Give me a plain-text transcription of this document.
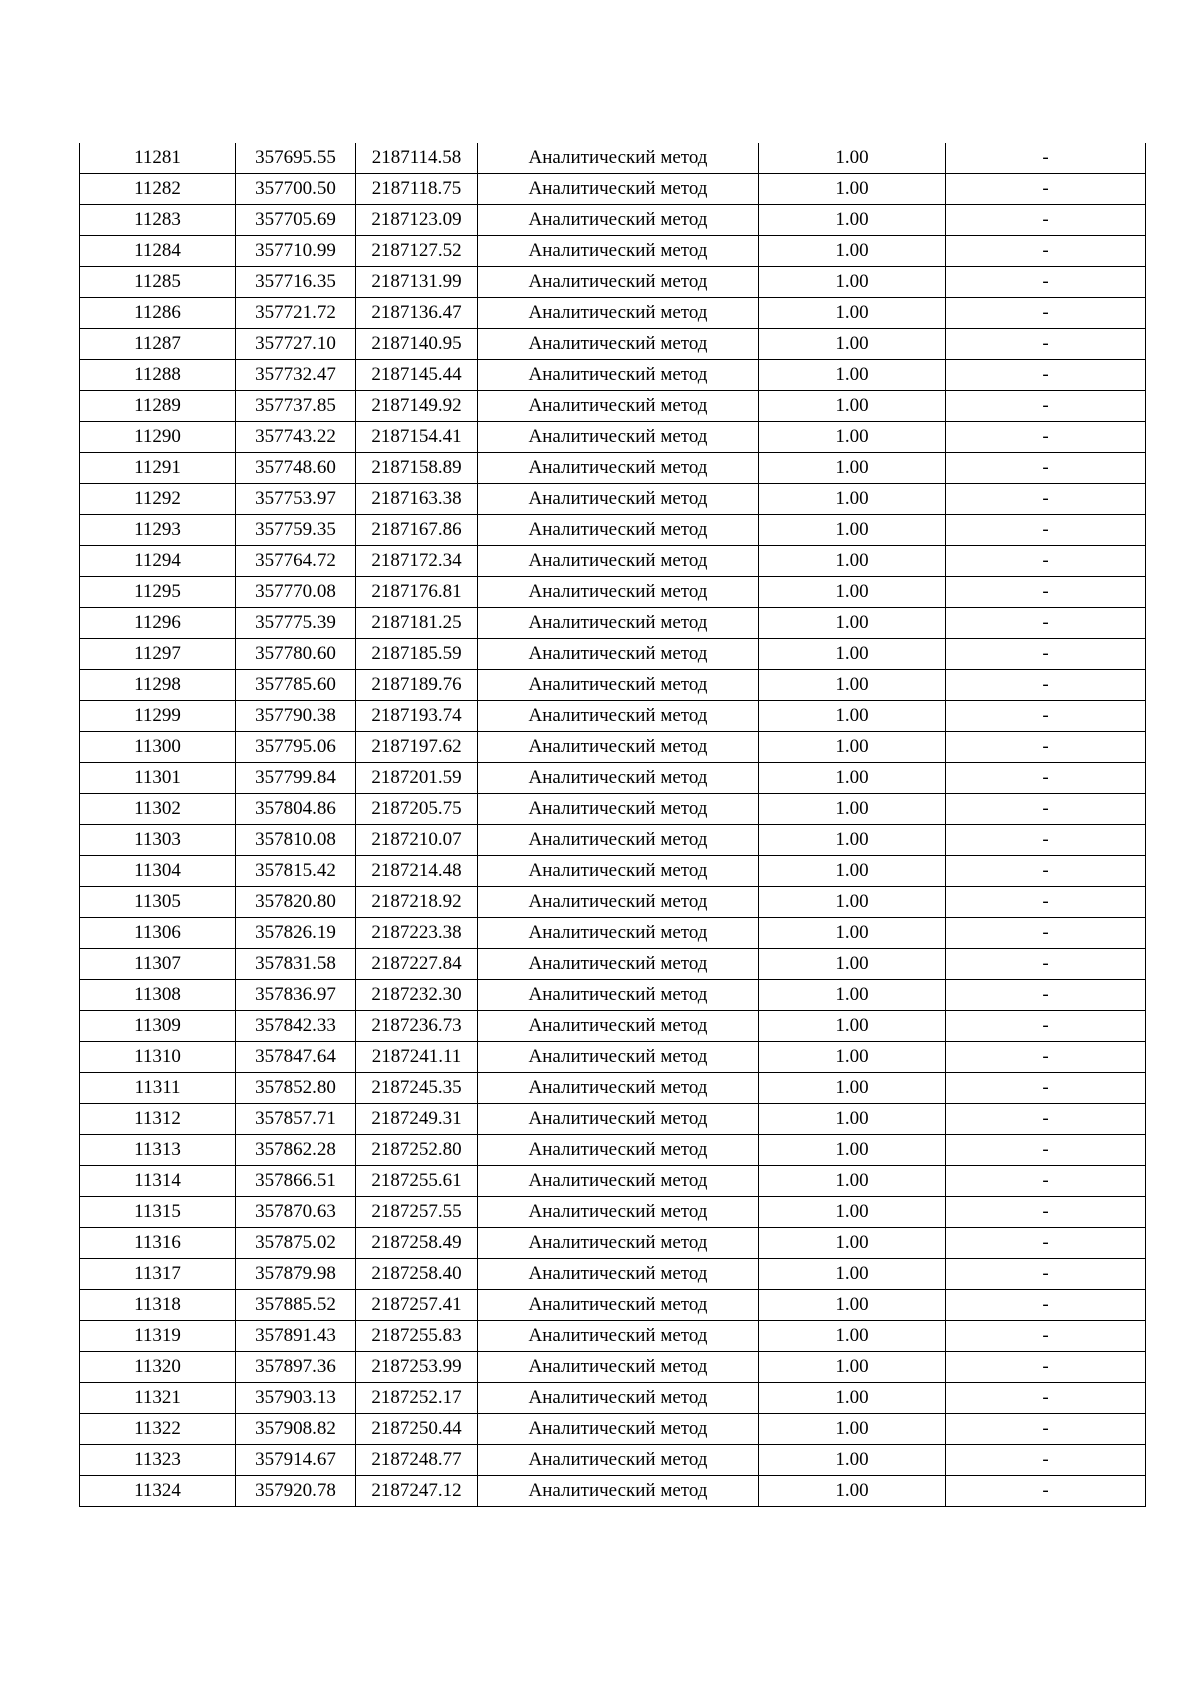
11281	357695.55	2187114.58	Аналитический метод	1.00	-
11282	357700.50	2187118.75	Аналитический метод	1.00	-
11283	357705.69	2187123.09	Аналитический метод	1.00	-
11284	357710.99	2187127.52	Аналитический метод	1.00	-
11285	357716.35	2187131.99	Аналитический метод	1.00	-
11286	357721.72	2187136.47	Аналитический метод	1.00	-
11287	357727.10	2187140.95	Аналитический метод	1.00	-
11288	357732.47	2187145.44	Аналитический метод	1.00	-
11289	357737.85	2187149.92	Аналитический метод	1.00	-
11290	357743.22	2187154.41	Аналитический метод	1.00	-
11291	357748.60	2187158.89	Аналитический метод	1.00	-
11292	357753.97	2187163.38	Аналитический метод	1.00	-
11293	357759.35	2187167.86	Аналитический метод	1.00	-
11294	357764.72	2187172.34	Аналитический метод	1.00	-
11295	357770.08	2187176.81	Аналитический метод	1.00	-
11296	357775.39	2187181.25	Аналитический метод	1.00	-
11297	357780.60	2187185.59	Аналитический метод	1.00	-
11298	357785.60	2187189.76	Аналитический метод	1.00	-
11299	357790.38	2187193.74	Аналитический метод	1.00	-
11300	357795.06	2187197.62	Аналитический метод	1.00	-
11301	357799.84	2187201.59	Аналитический метод	1.00	-
11302	357804.86	2187205.75	Аналитический метод	1.00	-
11303	357810.08	2187210.07	Аналитический метод	1.00	-
11304	357815.42	2187214.48	Аналитический метод	1.00	-
11305	357820.80	2187218.92	Аналитический метод	1.00	-
11306	357826.19	2187223.38	Аналитический метод	1.00	-
11307	357831.58	2187227.84	Аналитический метод	1.00	-
11308	357836.97	2187232.30	Аналитический метод	1.00	-
11309	357842.33	2187236.73	Аналитический метод	1.00	-
11310	357847.64	2187241.11	Аналитический метод	1.00	-
11311	357852.80	2187245.35	Аналитический метод	1.00	-
11312	357857.71	2187249.31	Аналитический метод	1.00	-
11313	357862.28	2187252.80	Аналитический метод	1.00	-
11314	357866.51	2187255.61	Аналитический метод	1.00	-
11315	357870.63	2187257.55	Аналитический метод	1.00	-
11316	357875.02	2187258.49	Аналитический метод	1.00	-
11317	357879.98	2187258.40	Аналитический метод	1.00	-
11318	357885.52	2187257.41	Аналитический метод	1.00	-
11319	357891.43	2187255.83	Аналитический метод	1.00	-
11320	357897.36	2187253.99	Аналитический метод	1.00	-
11321	357903.13	2187252.17	Аналитический метод	1.00	-
11322	357908.82	2187250.44	Аналитический метод	1.00	-
11323	357914.67	2187248.77	Аналитический метод	1.00	-
11324	357920.78	2187247.12	Аналитический метод	1.00	-
